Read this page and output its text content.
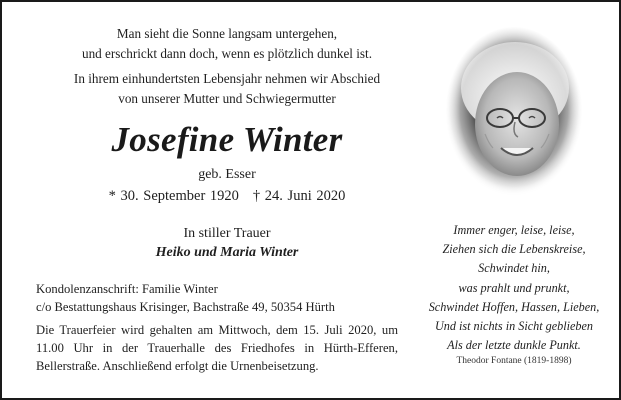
Man sieht die Sonne langsam untergehen,

und erschrickt dann doch, wenn es plötzlich dunkel ist.

In ihrem einhundertsten Lebensjahr nehmen wir Abschied

von unserer Mutter und Schwiegermutter

Josefine Winter
geb. Esser
* 30. September 1920 † 24. Juni 2020
In stiller Trauer
Heiko und Maria Winter

Kondolenzanschrift: Familie Winter

c/o Bestattungshaus Krisinger, Bachstraße 49, 50354 Hürth

Die Trauerfeier wird gehalten am Mittwoch, dem 15. Juli 2020, um 11.00 Uhr in der Trauerhalle des Friedhofes in Hürth-Efferen, Bellerstraße. Anschließend erfolgt die Urnenbeisetzung.

Immer enger, leise, leise,

Ziehen sich die Lebenskreise,

Schwindet hin,

was prahlt und prunkt,

Schwindet Hoffen, Hassen, Lieben,

Und ist nichts in Sicht geblieben

Als der letzte dunkle Punkt.

Theodor Fontane (1819-1898)
